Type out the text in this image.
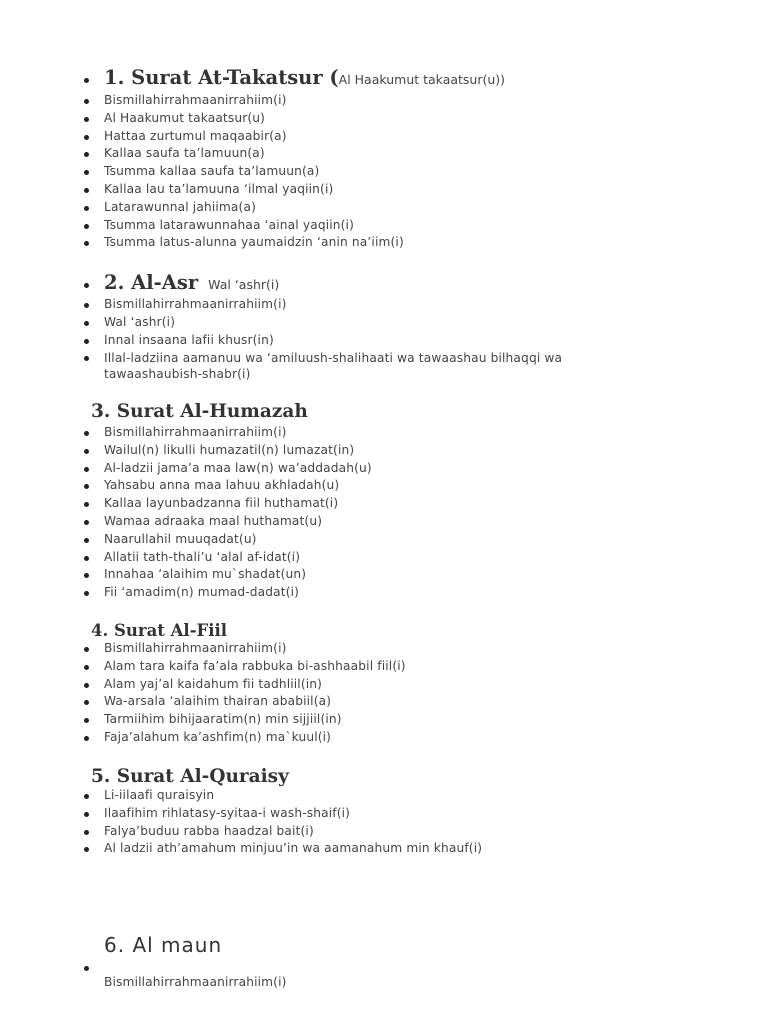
1. Surat At-Takatsur (Al Haakumut takaatsur(u))
Bismillahirrahmaanirrahiim(i)
Al Haakumut takaatsur(u)
Hattaa zurtumul maqaabir(a)
Kallaa saufa ta’lamuun(a)
Tsumma kallaa saufa ta’lamuun(a)
Kallaa lau ta’lamuuna ‘ilmal yaqiin(i)
Latarawunnal jahiima(a)
Tsumma latarawunnahaa ‘ainal yaqiin(i)
Tsumma latus-alunna yaumaidzin ‘anin na’iim(i)
2. Al-Asr Wal ‘ashr(i)
Bismillahirrahmaanirrahiim(i)
Wal ‘ashr(i)
Innal insaana lafii khusr(in)
Illal-ladziina aamanuu wa ‘amiluush-shalihaati wa tawaashau bilhaqqi wa tawaashaubish-shabr(i)
3. Surat Al-Humazah
Bismillahirrahmaanirrahiim(i)
Wailul(n) likulli humazatil(n) lumazat(in)
Al-ladzii jama’a maa law(n) wa’addadah(u)
Yahsabu anna maa lahuu akhladah(u)
Kallaa layunbadzanna fiil huthamat(i)
Wamaa adraaka maal huthamat(u)
Naarullahil muuqadat(u)
Allatii tath-thali’u ‘alal af-idat(i)
Innahaa ‘alaihim mu`shadat(un)
Fii ‘amadim(n) mumad-dadat(i)
4. Surat Al-Fiil
Bismillahirrahmaanirrahiim(i)
Alam tara kaifa fa’ala rabbuka bi-ashhaabil fiil(i)
Alam yaj’al kaidahum fii tadhliil(in)
Wa-arsala ‘alaihim thairan ababiil(a)
Tarmiihim bihijaaratim(n) min sijjiil(in)
Faja’alahum ka’ashfim(n) ma`kuul(i)
5. Surat Al-Quraisy
Li-iilaafi quraisyin
Ilaafihim rihlatasy-syitaa-i wash-shaif(i)
Falya’buduu rabba haadzal bait(i)
Al ladzii ath’amahum minjuu’in wa aamanahum min khauf(i)
6. Al maun
Bismillahirrahmaanirrahiim(i)
